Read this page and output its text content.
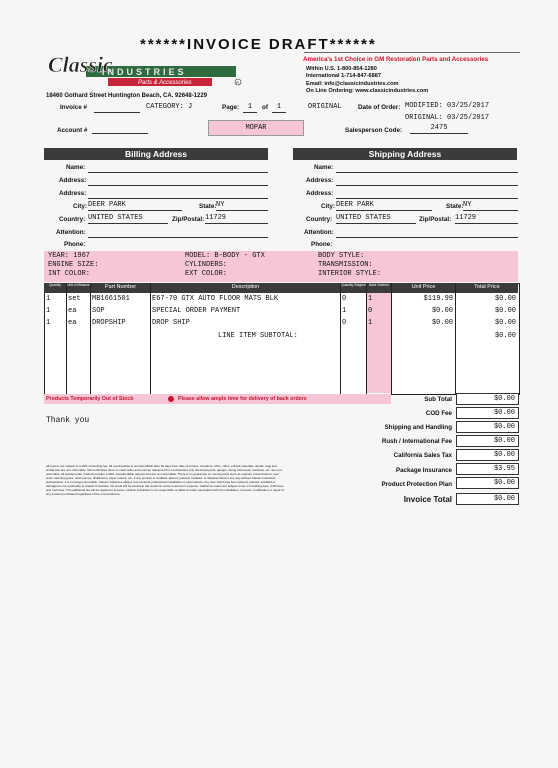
******INVOICE DRAFT******
Classic
INDUSTRIES
Parts & Accessories	R
America's 1st Choice in GM Restoration Parts and Accessories
Within U.S. 1-800-854-1280
International 1-714-847-6887
Email: info@classicindustries.com
On Line Ordering: www.classicindustries.com
18460 Gothard Street Huntington Beach, CA. 92648-1229
Invoice #	CATEGORY: J	Page:	1	of	1	ORIGINAL	Date of Order: MODIFIED: 03/25/2017
ORIGINAL: 03/25/2017
Account #	MOPAR	Salesperson Code:	2475
Billing Address
Name:
Address:
Address:
City: DEER PARK	State: NY
Country: UNITED STATES	Zip/Postal: 11729
Attention:
Phone:
Shipping Address
Name:
Address:
Address:
City: DEER PARK	State: NY
Country: UNITED STATES	Zip/Postal: 11729
Attention:
Phone:
YEAR: 1967	MODEL: B-BODY - GTX	BODY STYLE:
ENGINE SIZE:	CYLINDERS:	TRANSMISSION:
INT COLOR:	EXT COLOR:	INTERIOR STYLE:
Quantity	Unit of Measure	Part Number	Description	Quantity Shipped	Back Ordered	Unit Price	Total Price
1	set MB1661501	E67-70 GTX AUTO FLOOR MATS BLK	0	1	$119.99	$0.00
1	ea SOP	SPECIAL ORDER PAYMENT	1	0	$0.00	$0.00
1	ea DROPSHIP	DROP SHIP	0	1	$0.00	$0.00
LINE ITEM SUBTOTAL:	$0.00
Products Temporarily Out of Stock	Please allow ample time for delivery of back orders	Sub Total	$0.00
COD Fee	$0.00
Shipping and Handling	$0.00
Rush / International Fee	$0.00
California Sales Tax	$0.00
Package Insurance	$3.95
Product Protection Plan	$0.00
Invoice Total	$0.00
Thank you
All returns are subject to a 20% restocking fee. All merchandise is nonrefundable after 30 days from date of invoice. Literature, CD's, video, printed materials, decals, tags and similar kits are non-returnable. Gift certificates have no cash value and must be redeemed for merchandise only. Electrical parts, gauges, wiring harnesses, switches, etc. are non-returnable. All special order products require a 50% nonrefundable deposit and are non-returnable. There is no guarantee on moving parts such as engines, transmissions, rear ends, steering gears, relief pumps, distributors, wiper motors, etc. If any product is modified, altered, painted, installed, or disassembled in any way without Classic Industries' authorization, it is no longer returnable. Classic Industries always recommends professional installation on all products. Any item which has been altered, painted, installed or damaged is not returnable to Classic Industries. No credit will be issued to the customer at the customer's expense. California orders are subject to tax on handling fees, COD fees and rush fees. This additional tax will be applied to invoices. Classic Industries is not responsible or liable for labor associated with the installation, removal, modification or repair of any product purchased regardless of the circumstances.
